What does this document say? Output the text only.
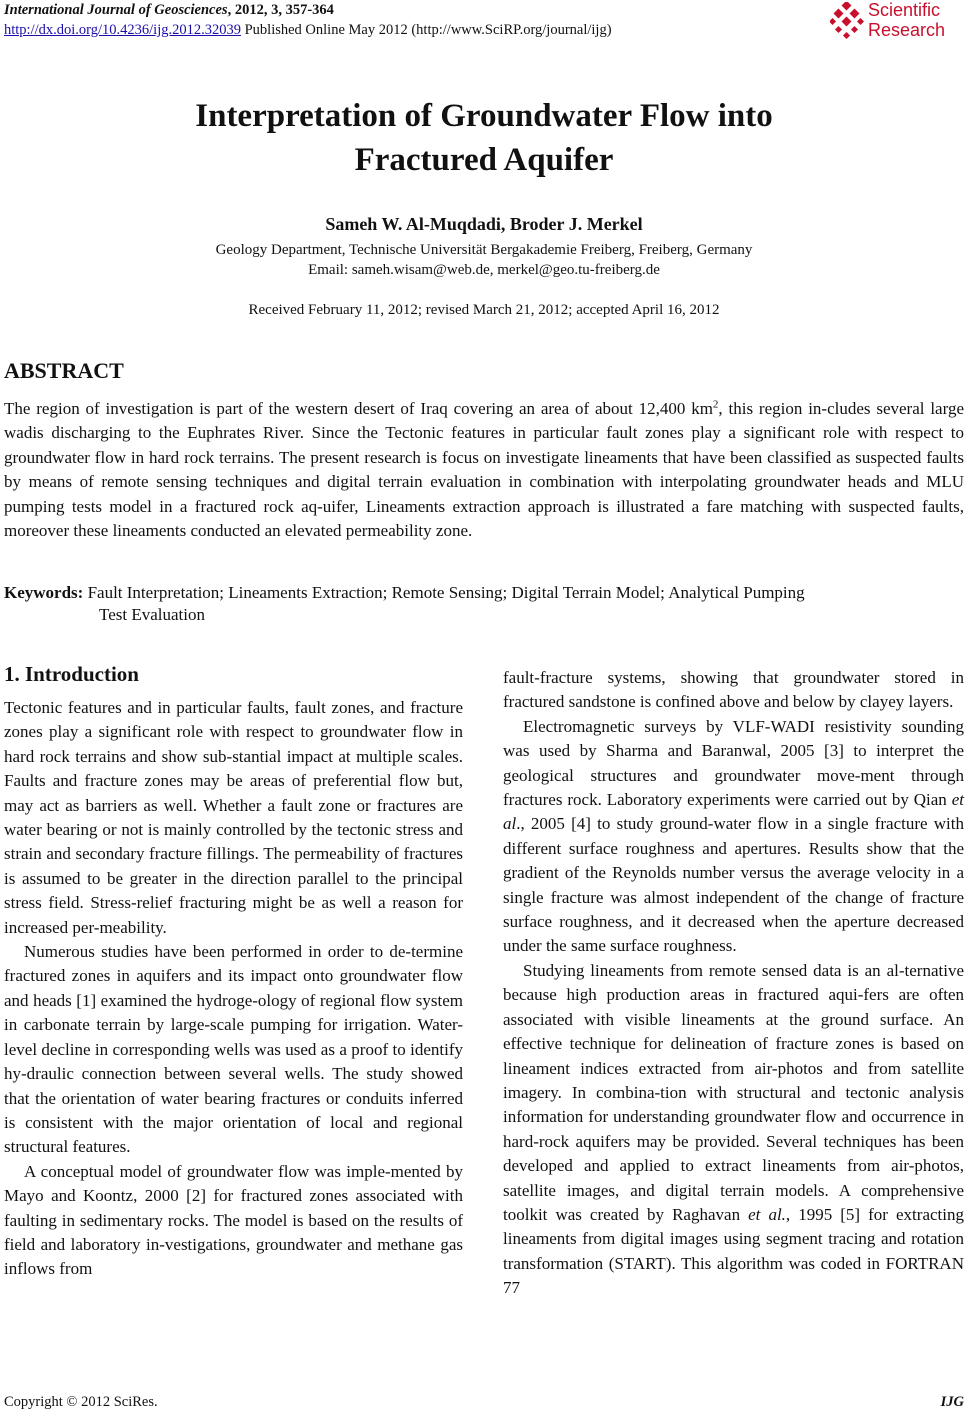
International Journal of Geosciences, 2012, 3, 357-364
http://dx.doi.org/10.4236/ijg.2012.32039 Published Online May 2012 (http://www.SciRP.org/journal/ijg)
Scientific
Research
Interpretation of Groundwater Flow into
Fractured Aquifer
Sameh W. Al-Muqdadi, Broder J. Merkel
Geology Department, Technische Universität Bergakademie Freiberg, Freiberg, Germany
Email: sameh.wisam@web.de, merkel@geo.tu-freiberg.de
Received February 11, 2012; revised March 21, 2012; accepted April 16, 2012
ABSTRACT
The region of investigation is part of the western desert of Iraq covering an area of about 12,400 $km^2$, this region in-cludes several large wadis discharging to the Euphrates River. Since the Tectonic features in particular fault zones play a significant role with respect to groundwater flow in hard rock terrains. The present research is focus on investigate lineaments that have been classified as suspected faults by means of remote sensing techniques and digital terrain evaluation in combination with interpolating groundwater heads and MLU pumping tests model in a fractured rock aq-uifer, Lineaments extraction approach is illustrated a fare matching with suspected faults, moreover these lineaments conducted an elevated permeability zone.
Keywords: Fault Interpretation; Lineaments Extraction; Remote Sensing; Digital Terrain Model; Analytical Pumping
Test Evaluation
1. Introduction

Tectonic features and in particular faults, fault zones, and fracture zones play a significant role with respect to groundwater flow in hard rock terrains and show sub-stantial impact at multiple scales. Faults and fracture zones may be areas of preferential flow but, may act as barriers as well. Whether a fault zone or fractures are water bearing or not is mainly controlled by the tectonic stress and strain and secondary fracture fillings. The permeability of fractures is assumed to be greater in the direction parallel to the principal stress field. Stress-relief fracturing might be as well a reason for increased per-meability.

Numerous studies have been performed in order to de-termine fractured zones in aquifers and its impact onto groundwater flow and heads [1] examined the hydroge-ology of regional flow system in carbonate terrain by large-scale pumping for irrigation. Water-level decline in corresponding wells was used as a proof to identify hy-draulic connection between several wells. The study showed that the orientation of water bearing fractures or conduits inferred is consistent with the major orientation of local and regional structural features.

A conceptual model of groundwater flow was imple-mented by Mayo and Koontz, 2000 [2] for fractured zones associated with faulting in sedimentary rocks. The model is based on the results of field and laboratory in-vestigations, groundwater and methane gas inflows from

fault-fracture systems, showing that groundwater stored in fractured sandstone is confined above and below by clayey layers.

Electromagnetic surveys by VLF-WADI resistivity sounding was used by Sharma and Baranwal, 2005 [3] to interpret the geological structures and groundwater move-ment through fractures rock. Laboratory experiments were carried out by Qian et al., 2005 [4] to study ground-water flow in a single fracture with different surface roughness and apertures. Results show that the gradient of the Reynolds number versus the average velocity in a single fracture was almost independent of the change of fracture surface roughness, and it decreased when the aperture decreased under the same surface roughness.

Studying lineaments from remote sensed data is an al-ternative because high production areas in fractured aqui-fers are often associated with visible lineaments at the ground surface. An effective technique for delineation of fracture zones is based on lineament indices extracted from air-photos and from satellite imagery. In combina-tion with structural and tectonic analysis information for understanding groundwater flow and occurrence in hard-rock aquifers may be provided. Several techniques has been developed and applied to extract lineaments from air-photos, satellite images, and digital terrain models. A comprehensive toolkit was created by Raghavan et al., 1995 [5] for extracting lineaments from digital images using segment tracing and rotation transformation (START). This algorithm was coded in FORTRAN 77

Copyright © 2012 SciRes.	IJG
